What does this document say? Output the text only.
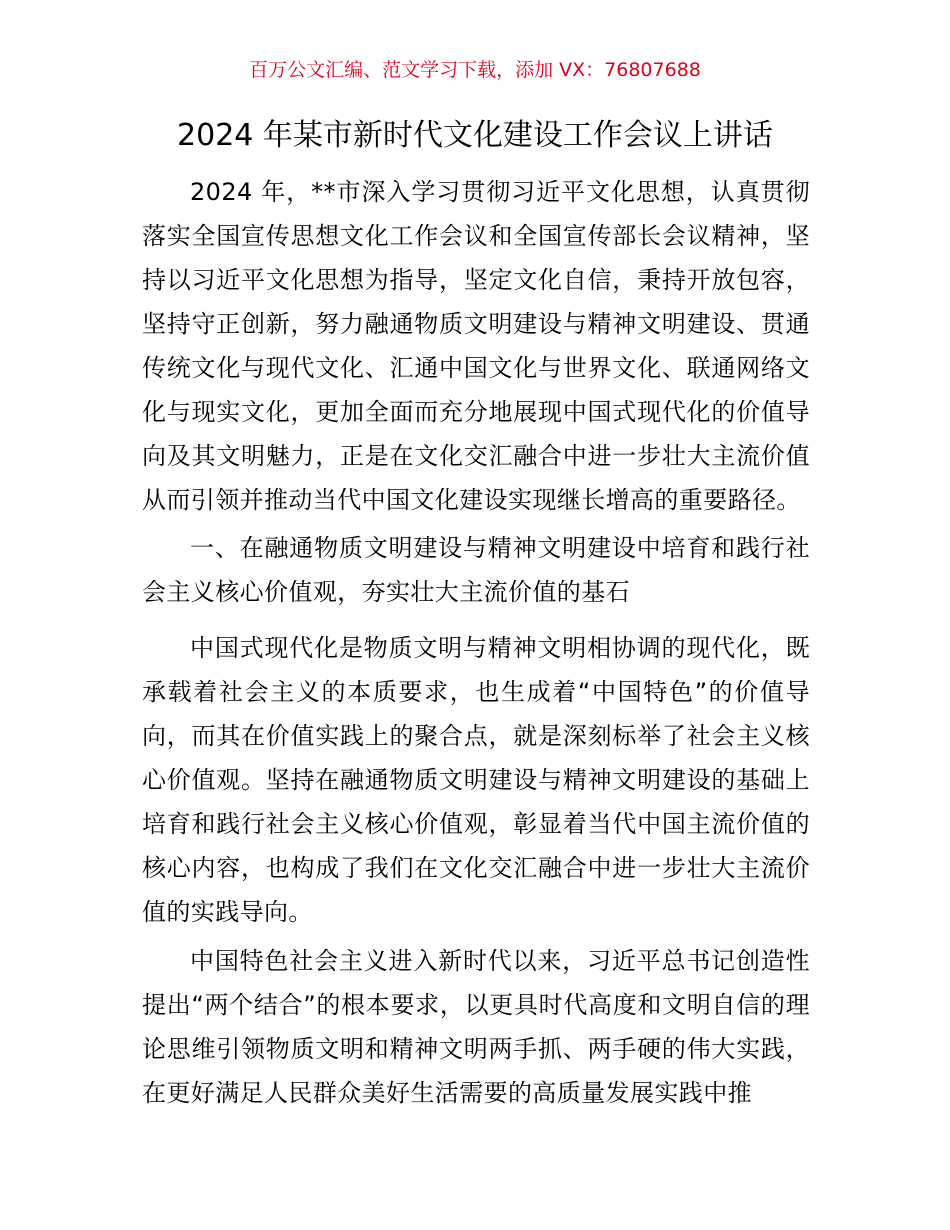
百万公文汇编、范文学习下载，添加 VX：76807688
2024 年某市新时代文化建设工作会议上讲话

2024 年，**市深入学习贯彻习近平文化思想，认真贯彻落实全国宣传思想文化工作会议和全国宣传部长会议精神，坚持以习近平文化思想为指导，坚定文化自信，秉持开放包容，坚持守正创新，努力融通物质文明建设与精神文明建设、贯通传统文化与现代文化、汇通中国文化与世界文化、联通网络文化与现实文化，更加全面而充分地展现中国式现代化的价值导向及其文明魅力，正是在文化交汇融合中进一步壮大主流价值从而引领并推动当代中国文化建设实现继长增高的重要路径。

一、在融通物质文明建设与精神文明建设中培育和践行社会主义核心价值观，夯实壮大主流价值的基石

中国式现代化是物质文明与精神文明相协调的现代化，既承载着社会主义的本质要求，也生成着“中国特色”的价值导向，而其在价值实践上的聚合点，就是深刻标举了社会主义核心价值观。坚持在融通物质文明建设与精神文明建设的基础上培育和践行社会主义核心价值观，彰显着当代中国主流价值的核心内容，也构成了我们在文化交汇融合中进一步壮大主流价值的实践导向。

中国特色社会主义进入新时代以来，习近平总书记创造性提出“两个结合”的根本要求，以更具时代高度和文明自信的理论思维引领物质文明和精神文明两手抓、两手硬的伟大实践，在更好满足人民群众美好生活需要的高质量发展实践中推
